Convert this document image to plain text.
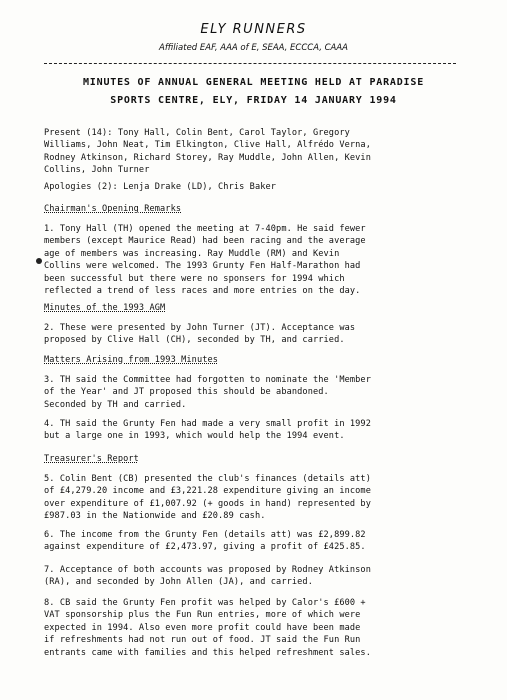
ELY RUNNERS
Affiliated EAF, AAA of E, SEAA, ECCCA, CAAA
MINUTES OF ANNUAL GENERAL MEETING HELD AT PARADISE
SPORTS CENTRE, ELY, FRIDAY 14 JANUARY 1994
Present (14): Tony Hall, Colin Bent, Carol Taylor, Gregory
Williams, John Neat, Tim Elkington, Clive Hall, Alfrédo Verna,
Rodney Atkinson, Richard Storey, Ray Muddle, John Allen, Kevin
Collins, John Turner
Apologies (2): Lenja Drake (LD), Chris Baker
Chairman's Opening Remarks
1. Tony Hall (TH) opened the meeting at 7-40pm. He said fewer
members (except Maurice Read) had been racing and the average
age of members was increasing. Ray Muddle (RM) and Kevin
Collins were welcomed. The 1993 Grunty Fen Half-Marathon had
been successful but there were no sponsers for 1994 which
reflected a trend of less races and more entries on the day.
Minutes of the 1993 AGM
2. These were presented by John Turner (JT). Acceptance was
proposed by Clive Hall (CH), seconded by TH, and carried.
Matters Arising from 1993 Minutes
3. TH said the Committee had forgotten to nominate the 'Member
of the Year' and JT proposed this should be abandoned.
Seconded by TH and carried.
4. TH said the Grunty Fen had made a very small profit in 1992
but a large one in 1993, which would help the 1994 event.
Treasurer's Report
5. Colin Bent (CB) presented the club's finances (details att)
of £4,279.20 income and £3,221.28 expenditure giving an income
over expenditure of £1,007.92 (+ goods in hand) represented by
£987.03 in the Nationwide and £20.89 cash.
6. The income from the Grunty Fen (details att) was £2,899.82
against expenditure of £2,473.97, giving a profit of £425.85.
7. Acceptance of both accounts was proposed by Rodney Atkinson
(RA), and seconded by John Allen (JA), and carried.
8. CB said the Grunty Fen profit was helped by Calor's £600 +
VAT sponsorship plus the Fun Run entries, more of which were
expected in 1994. Also even more profit could have been made
if refreshments had not run out of food. JT said the Fun Run
entrants came with families and this helped refreshment sales.
